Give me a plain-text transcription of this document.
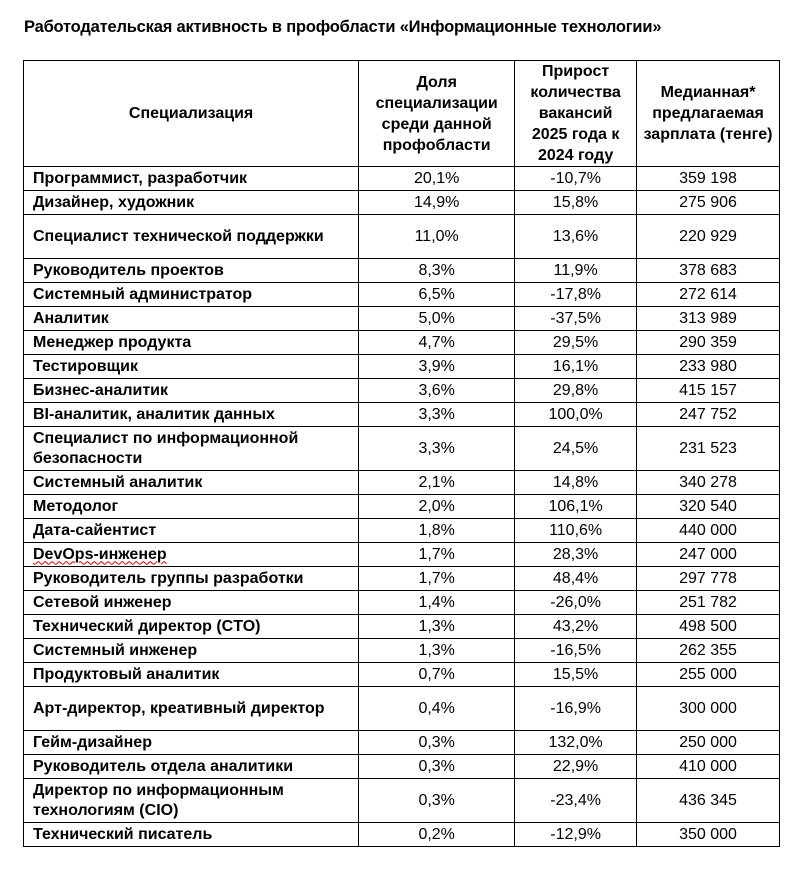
Работодательская активность в профобласти «Информационные технологии»
Специализация	Доля специализации среди данной профобласти	Прирост количества вакансий 2025 года к 2024 году	Медианная* предлагаемая зарплата (тенге)
Программист, разработчик	20,1%	-10,7%	359 198
Дизайнер, художник	14,9%	15,8%	275 906
Специалист технической поддержки	11,0%	13,6%	220 929
Руководитель проектов	8,3%	11,9%	378 683
Системный администратор	6,5%	-17,8%	272 614
Аналитик	5,0%	-37,5%	313 989
Менеджер продукта	4,7%	29,5%	290 359
Тестировщик	3,9%	16,1%	233 980
Бизнес-аналитик	3,6%	29,8%	415 157
BI-аналитик, аналитик данных	3,3%	100,0%	247 752
Специалист по информационной безопасности	3,3%	24,5%	231 523
Системный аналитик	2,1%	14,8%	340 278
Методолог	2,0%	106,1%	320 540
Дата-сайентист	1,8%	110,6%	440 000
DevOps-инженер	1,7%	28,3%	247 000
Руководитель группы разработки	1,7%	48,4%	297 778
Сетевой инженер	1,4%	-26,0%	251 782
Технический директор (CTO)	1,3%	43,2%	498 500
Системный инженер	1,3%	-16,5%	262 355
Продуктовый аналитик	0,7%	15,5%	255 000
Арт-директор, креативный директор	0,4%	-16,9%	300 000
Гейм-дизайнер	0,3%	132,0%	250 000
Руководитель отдела аналитики	0,3%	22,9%	410 000
Директор по информационным технологиям (CIO)	0,3%	-23,4%	436 345
Технический писатель	0,2%	-12,9%	350 000
